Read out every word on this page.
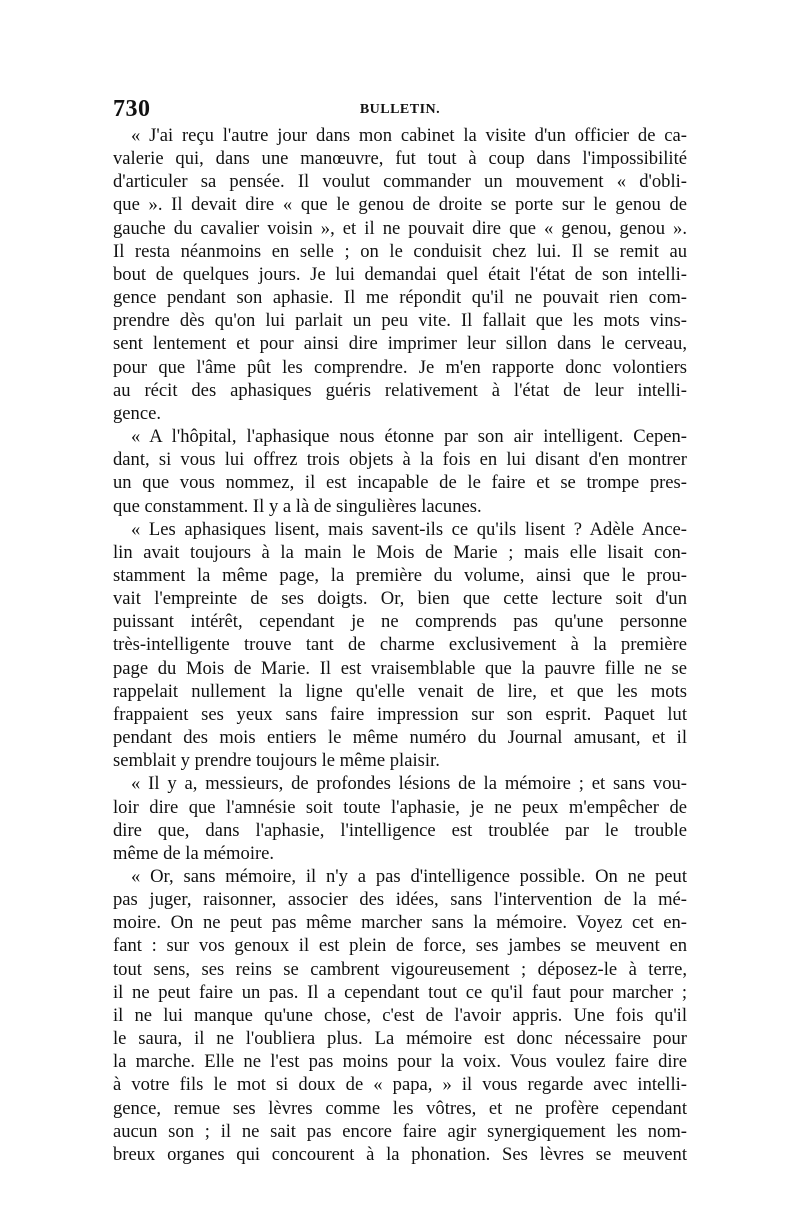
730	BULLETIN.
« J'ai reçu l'autre jour dans mon cabinet la visite d'un officier de ca-
valerie qui, dans une manœuvre, fut tout à coup dans l'impossibilité
d'articuler sa pensée. Il voulut commander un mouvement « d'obli-
que ». Il devait dire « que le genou de droite se porte sur le genou de
gauche du cavalier voisin », et il ne pouvait dire que « genou, genou ».
Il resta néanmoins en selle ; on le conduisit chez lui. Il se remit au
bout de quelques jours. Je lui demandai quel était l'état de son intelli-
gence pendant son aphasie. Il me répondit qu'il ne pouvait rien com-
prendre dès qu'on lui parlait un peu vite. Il fallait que les mots vins-
sent lentement et pour ainsi dire imprimer leur sillon dans le cerveau,
pour que l'âme pût les comprendre. Je m'en rapporte donc volontiers
au récit des aphasiques guéris relativement à l'état de leur intelli-
gence.
« A l'hôpital, l'aphasique nous étonne par son air intelligent. Cepen-
dant, si vous lui offrez trois objets à la fois en lui disant d'en montrer
un que vous nommez, il est incapable de le faire et se trompe pres-
que constamment. Il y a là de singulières lacunes.
« Les aphasiques lisent, mais savent-ils ce qu'ils lisent ? Adèle Ance-
lin avait toujours à la main le Mois de Marie ; mais elle lisait con-
stamment la même page, la première du volume, ainsi que le prou-
vait l'empreinte de ses doigts. Or, bien que cette lecture soit d'un
puissant intérêt, cependant je ne comprends pas qu'une personne
très-intelligente trouve tant de charme exclusivement à la première
page du Mois de Marie. Il est vraisemblable que la pauvre fille ne se
rappelait nullement la ligne qu'elle venait de lire, et que les mots
frappaient ses yeux sans faire impression sur son esprit. Paquet lut
pendant des mois entiers le même numéro du Journal amusant, et il
semblait y prendre toujours le même plaisir.
« Il y a, messieurs, de profondes lésions de la mémoire ; et sans vou-
loir dire que l'amnésie soit toute l'aphasie, je ne peux m'empêcher de
dire que, dans l'aphasie, l'intelligence est troublée par le trouble
même de la mémoire.
« Or, sans mémoire, il n'y a pas d'intelligence possible. On ne peut
pas juger, raisonner, associer des idées, sans l'intervention de la mé-
moire. On ne peut pas même marcher sans la mémoire. Voyez cet en-
fant : sur vos genoux il est plein de force, ses jambes se meuvent en
tout sens, ses reins se cambrent vigoureusement ; déposez-le à terre,
il ne peut faire un pas. Il a cependant tout ce qu'il faut pour marcher ;
il ne lui manque qu'une chose, c'est de l'avoir appris. Une fois qu'il
le saura, il ne l'oubliera plus. La mémoire est donc nécessaire pour
la marche. Elle ne l'est pas moins pour la voix. Vous voulez faire dire
à votre fils le mot si doux de « papa, » il vous regarde avec intelli-
gence, remue ses lèvres comme les vôtres, et ne profère cependant
aucun son ; il ne sait pas encore faire agir synergiquement les nom-
breux organes qui concourent à la phonation. Ses lèvres se meuvent
